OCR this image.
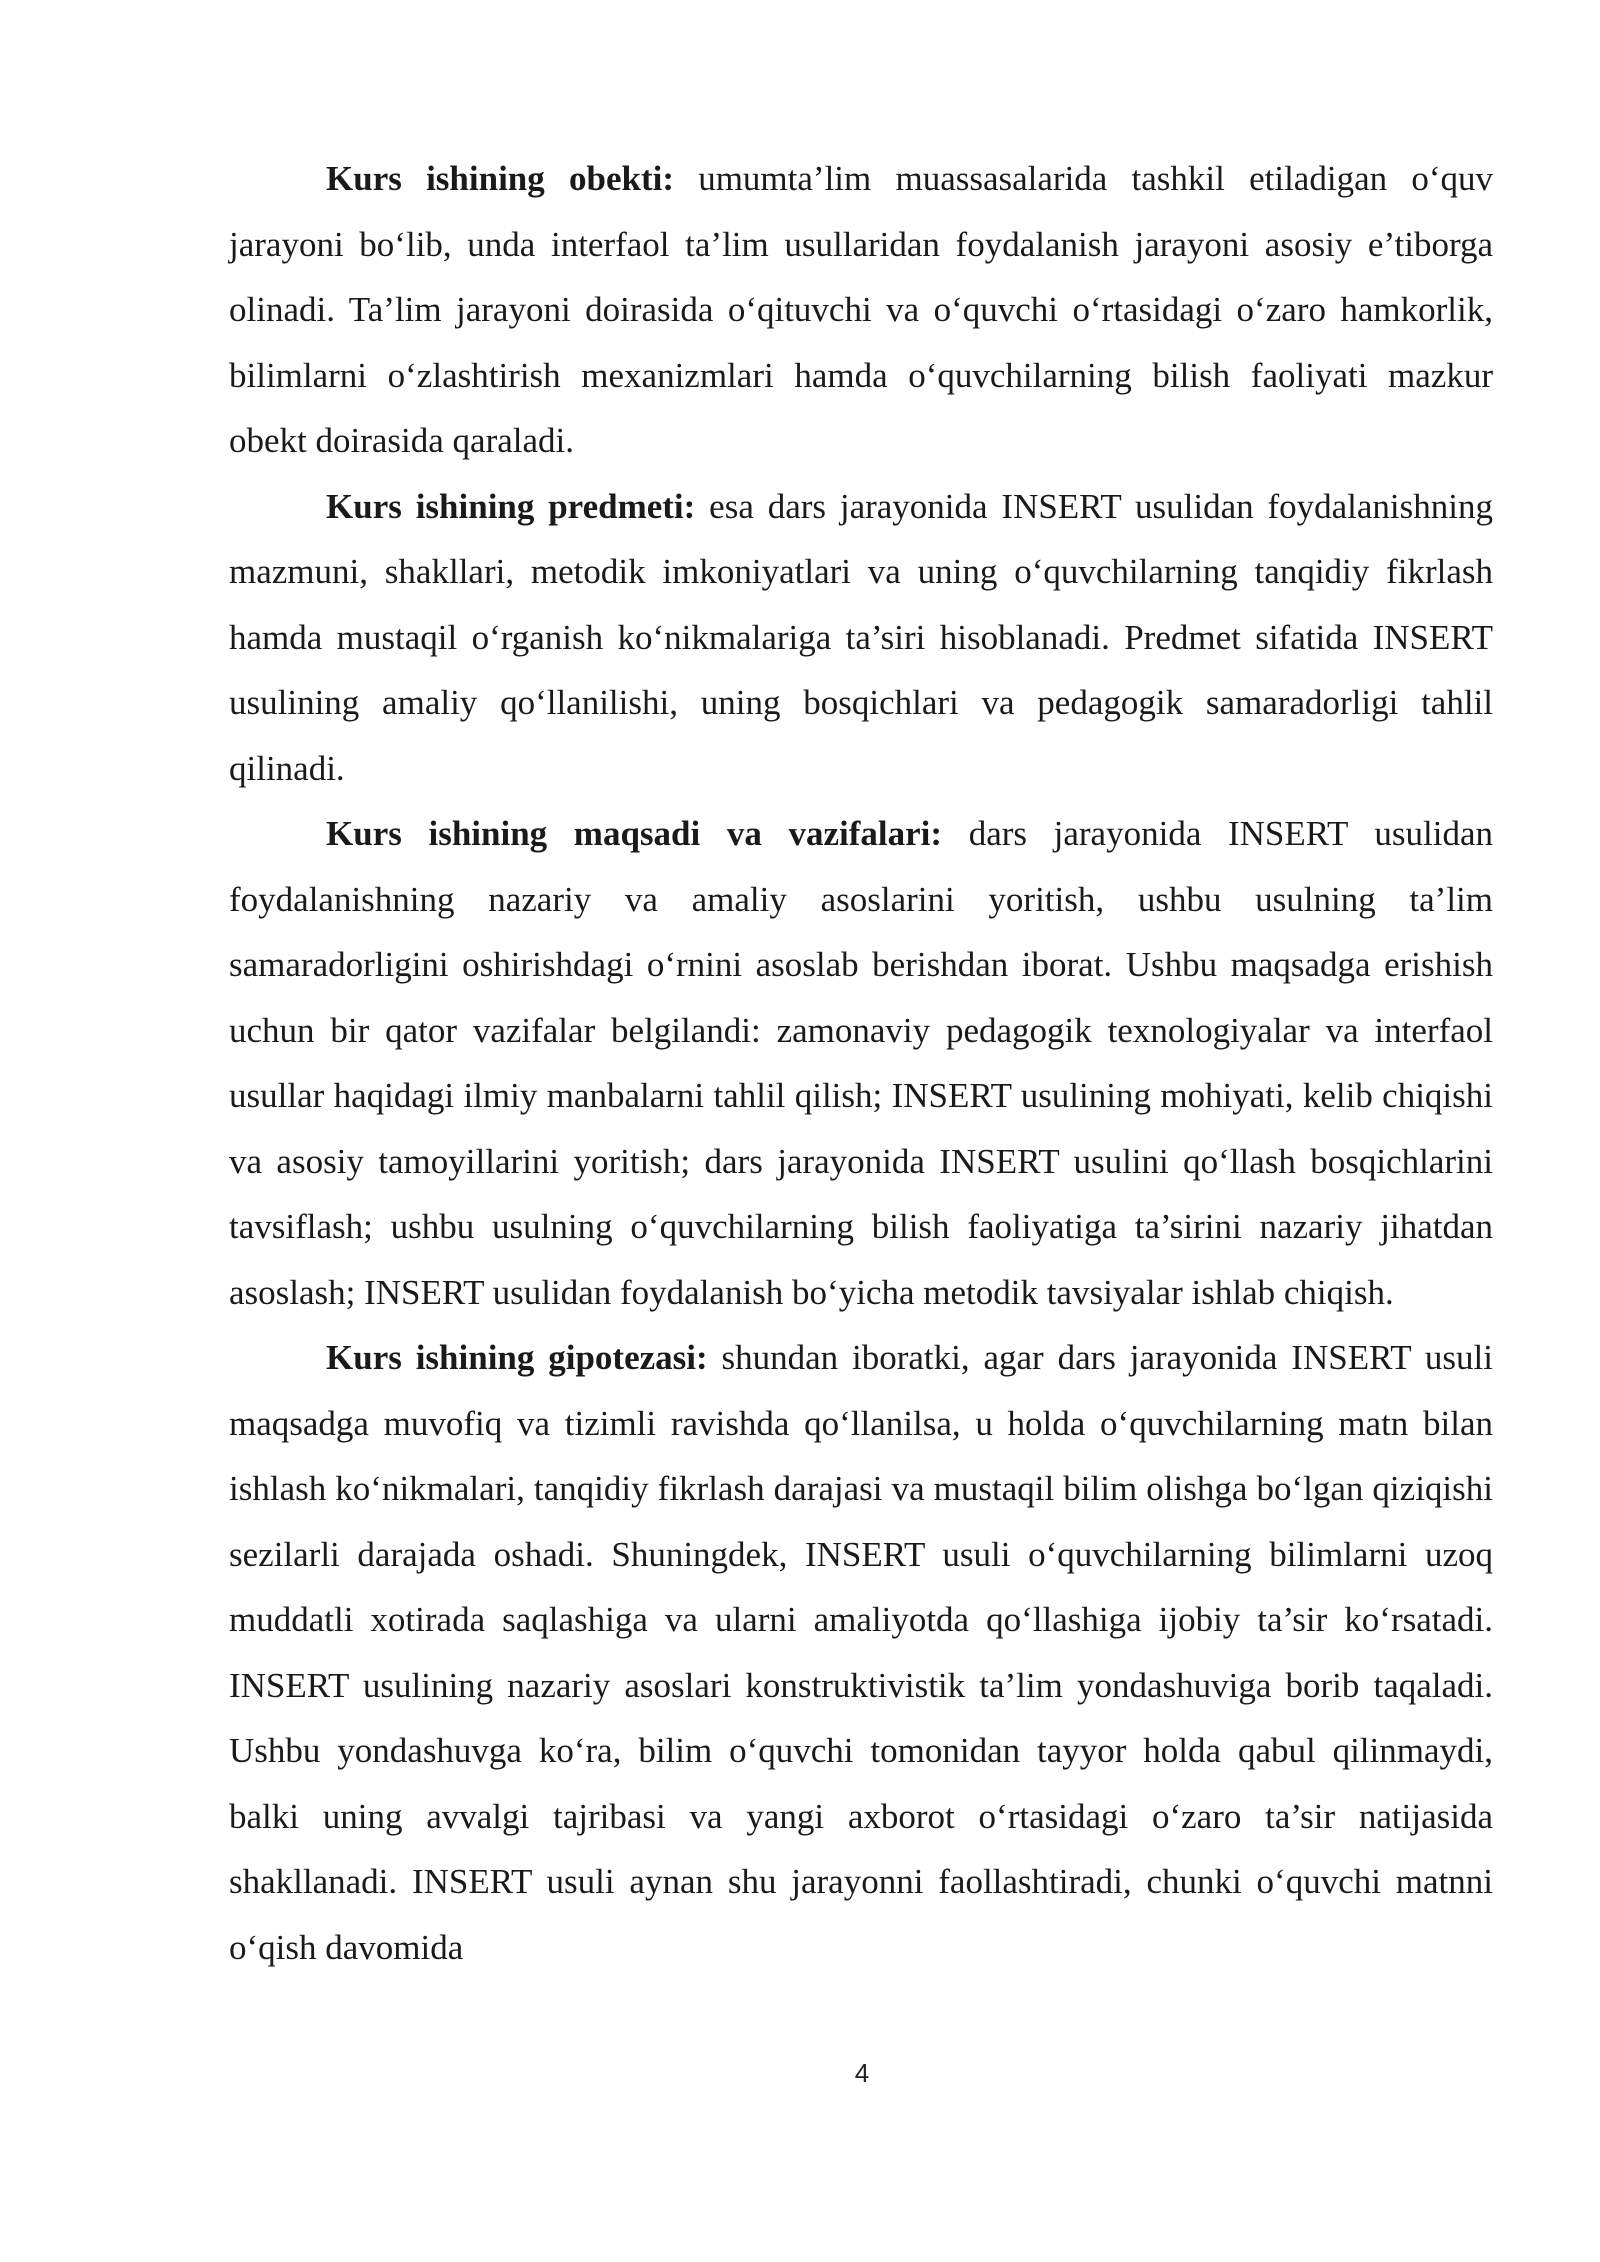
Kurs ishining obekti: umumta’lim muassasalarida tashkil etiladigan o‘quv jarayoni bo‘lib, unda interfaol ta’lim usullaridan foydalanish jarayoni asosiy e’tiborga olinadi. Ta’lim jarayoni doirasida o‘qituvchi va o‘quvchi o‘rtasidagi o‘zaro hamkorlik, bilimlarni o‘zlashtirish mexanizmlari hamda o‘quvchilarning bilish faoliyati mazkur obekt doirasida qaraladi.

Kurs ishining predmeti: esa dars jarayonida INSERT usulidan foydalanishning mazmuni, shakllari, metodik imkoniyatlari va uning o‘quvchilarning tanqidiy fikrlash hamda mustaqil o‘rganish ko‘nikmalariga ta’siri hisoblanadi. Predmet sifatida INSERT usulining amaliy qo‘llanilishi, uning bosqichlari va pedagogik samaradorligi tahlil qilinadi.

Kurs ishining maqsadi va vazifalari: dars jarayonida INSERT usulidan foydalanishning nazariy va amaliy asoslarini yoritish, ushbu usulning ta’lim samaradorligini oshirishdagi o‘rnini asoslab berishdan iborat. Ushbu maqsadga erishish uchun bir qator vazifalar belgilandi: zamonaviy pedagogik texnologiyalar va interfaol usullar haqidagi ilmiy manbalarni tahlil qilish; INSERT usulining mohiyati, kelib chiqishi va asosiy tamoyillarini yoritish; dars jarayonida INSERT usulini qo‘llash bosqichlarini tavsiflash; ushbu usulning o‘quvchilarning bilish faoliyatiga ta’sirini nazariy jihatdan asoslash; INSERT usulidan foydalanish bo‘yicha metodik tavsiyalar ishlab chiqish.

Kurs ishining gipotezasi: shundan iboratki, agar dars jarayonida INSERT usuli maqsadga muvofiq va tizimli ravishda qo‘llanilsa, u holda o‘quvchilarning matn bilan ishlash ko‘nikmalari, tanqidiy fikrlash darajasi va mustaqil bilim olishga bo‘lgan qiziqishi sezilarli darajada oshadi. Shuningdek, INSERT usuli o‘quvchilarning bilimlarni uzoq muddatli xotirada saqlashiga va ularni amaliyotda qo‘llashiga ijobiy ta’sir ko‘rsatadi. INSERT usulining nazariy asoslari konstruktivistik ta’lim yondashuviga borib taqaladi. Ushbu yondashuvga ko‘ra, bilim o‘quvchi tomonidan tayyor holda qabul qilinmaydi, balki uning avvalgi tajribasi va yangi axborot o‘rtasidagi o‘zaro ta’sir natijasida shakllanadi. INSERT usuli aynan shu jarayonni faollashtiradi, chunki o‘quvchi matnni o‘qish davomida

4
